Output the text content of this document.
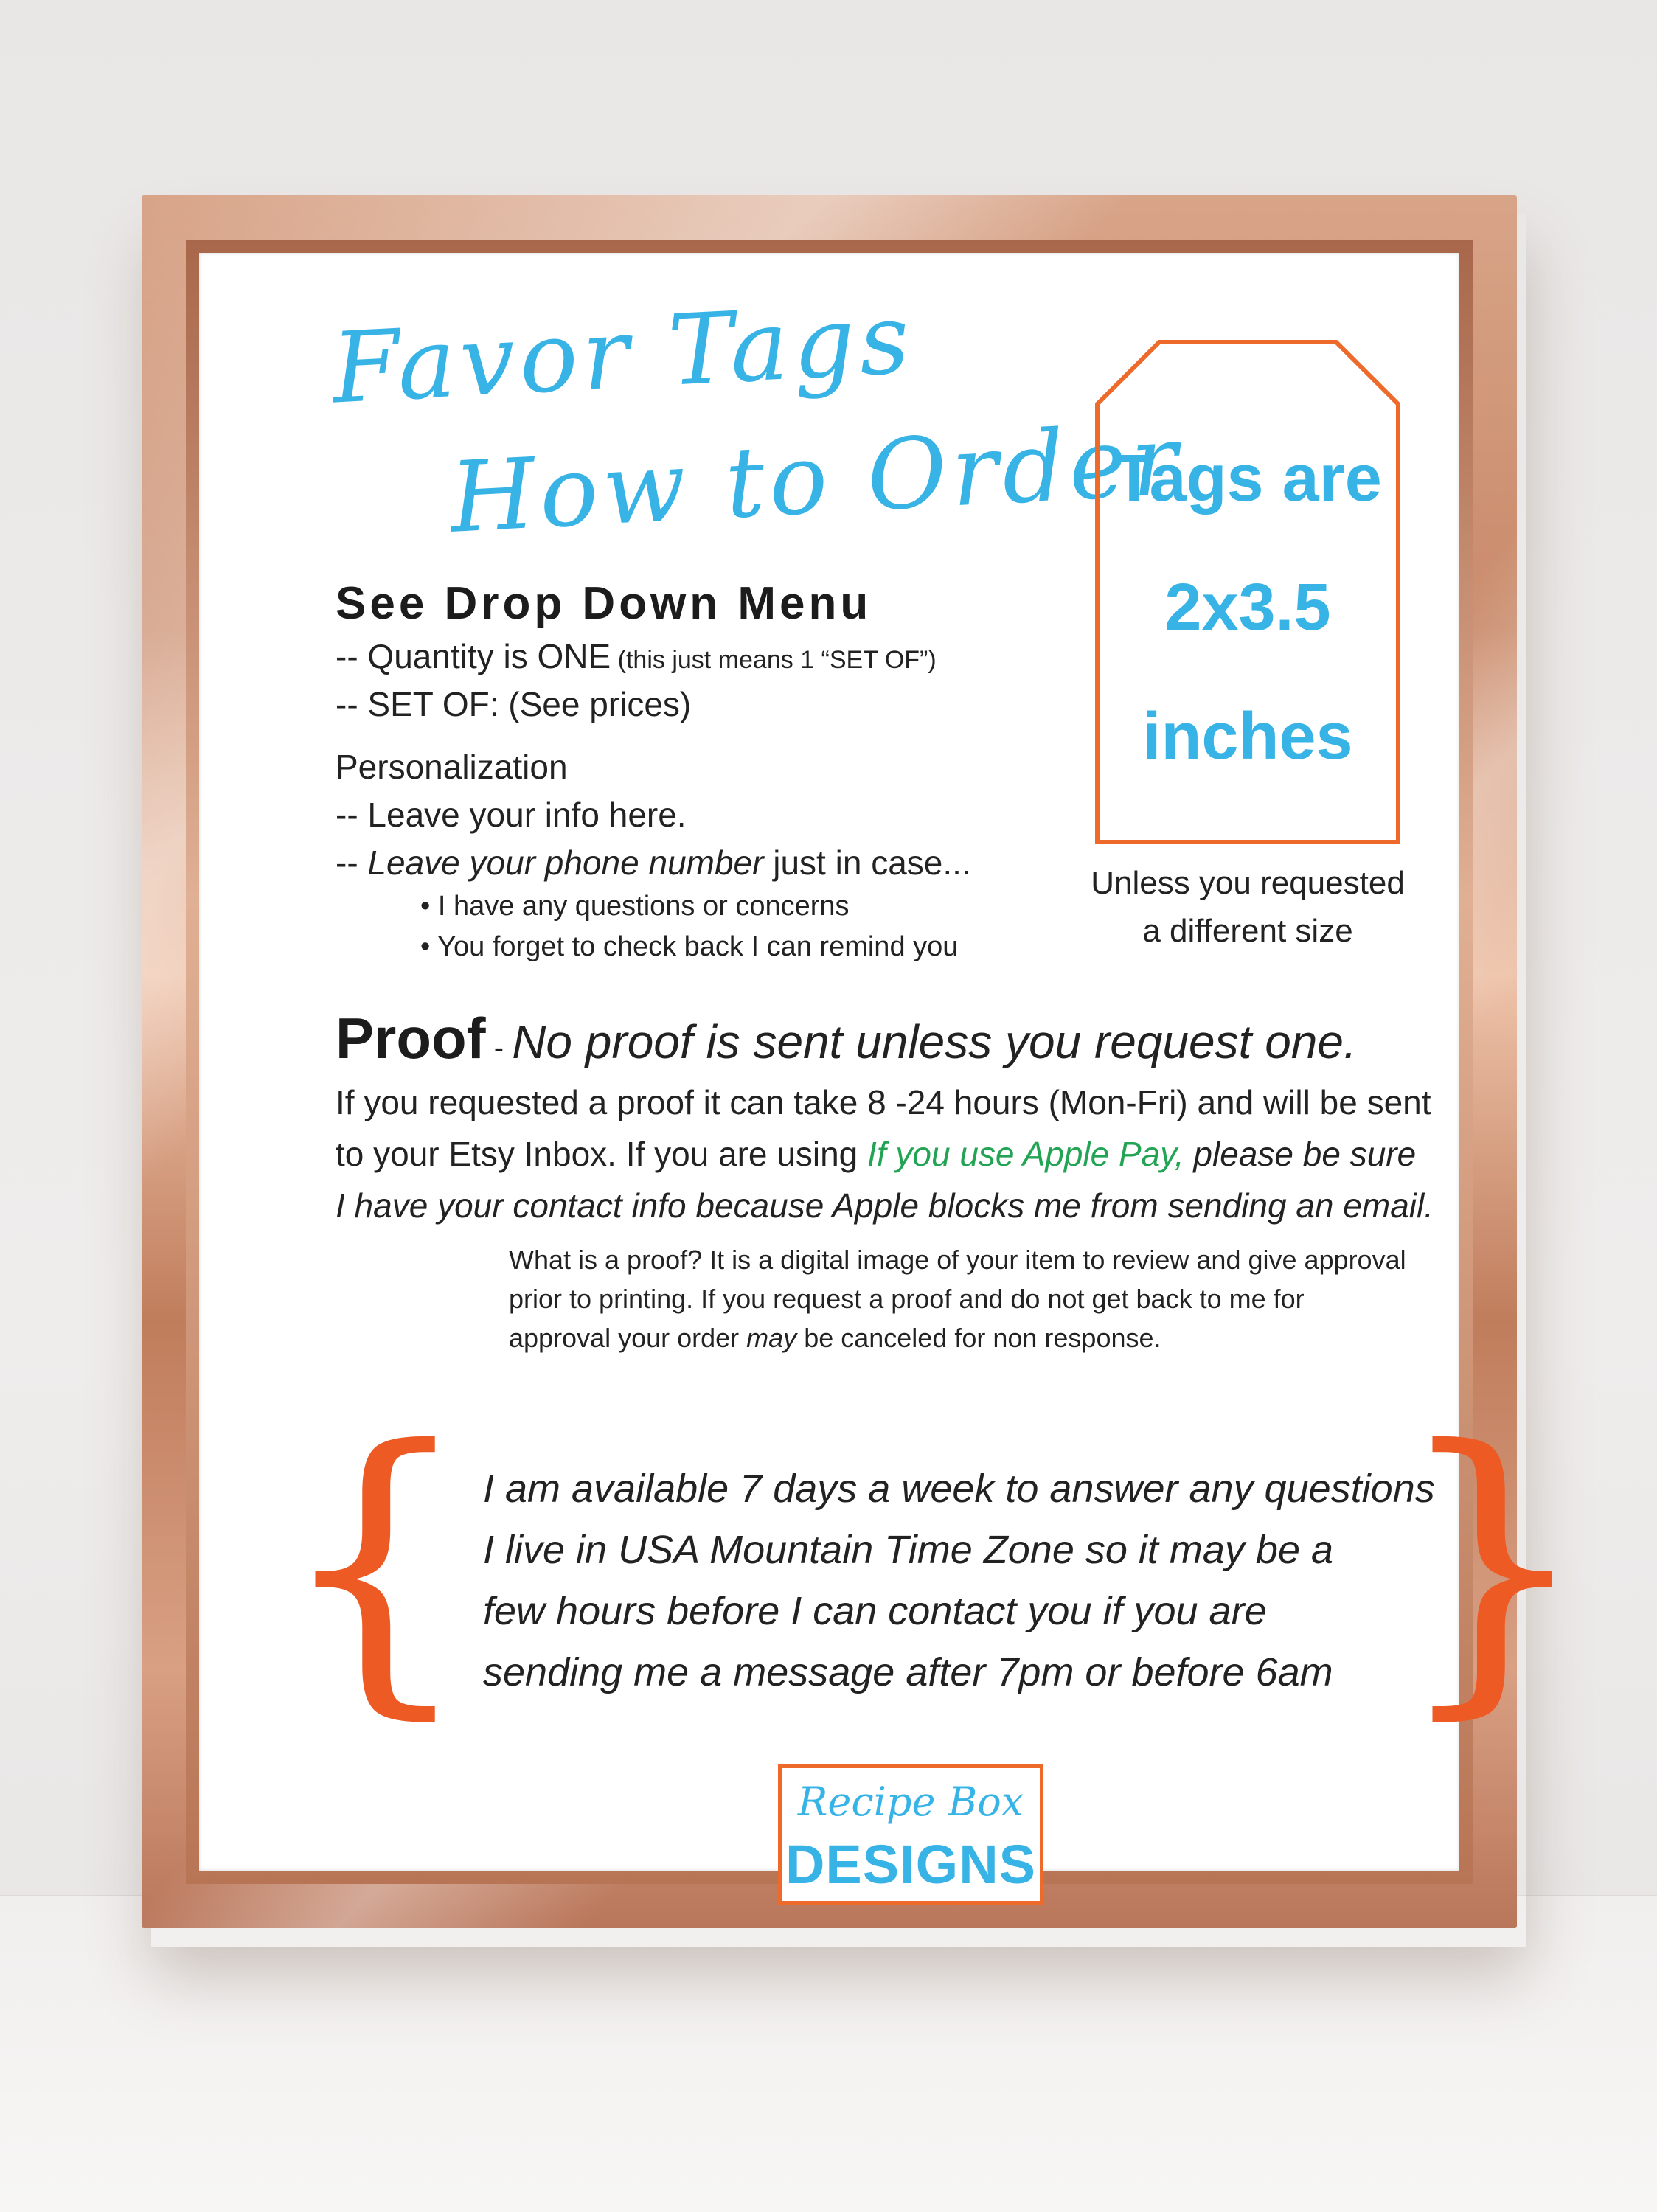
Favor Tags
How to Order
See Drop Down Menu
-- Quantity is ONE (this just means 1 “SET OF”)
-- SET OF: (See prices)
Personalization
-- Leave your info here.
-- Leave your phone number just in case...
• I have any questions or concerns
• You forget to check back I can remind you
Tags are
2x3.5
inches
Unless you requested
a different size
Proof - No proof is sent unless you request one.
If you requested a proof it can take 8 -24 hours (Mon-Fri) and will be sent
to your Etsy Inbox. If you are using If you use Apple Pay, please be sure
I have your contact info because Apple blocks me from sending an email.
What is a proof? It is a digital image of your item to review and give approval
prior to printing. If you request a proof and do not get back to me for
approval your order may be canceled for non response.
{	}
I am available 7 days a week to answer any questions
I live in USA Mountain Time Zone so it may be a
few hours before I can contact you if you are
sending me a message after 7pm or before 6am
Recipe Box
DESIGNS
